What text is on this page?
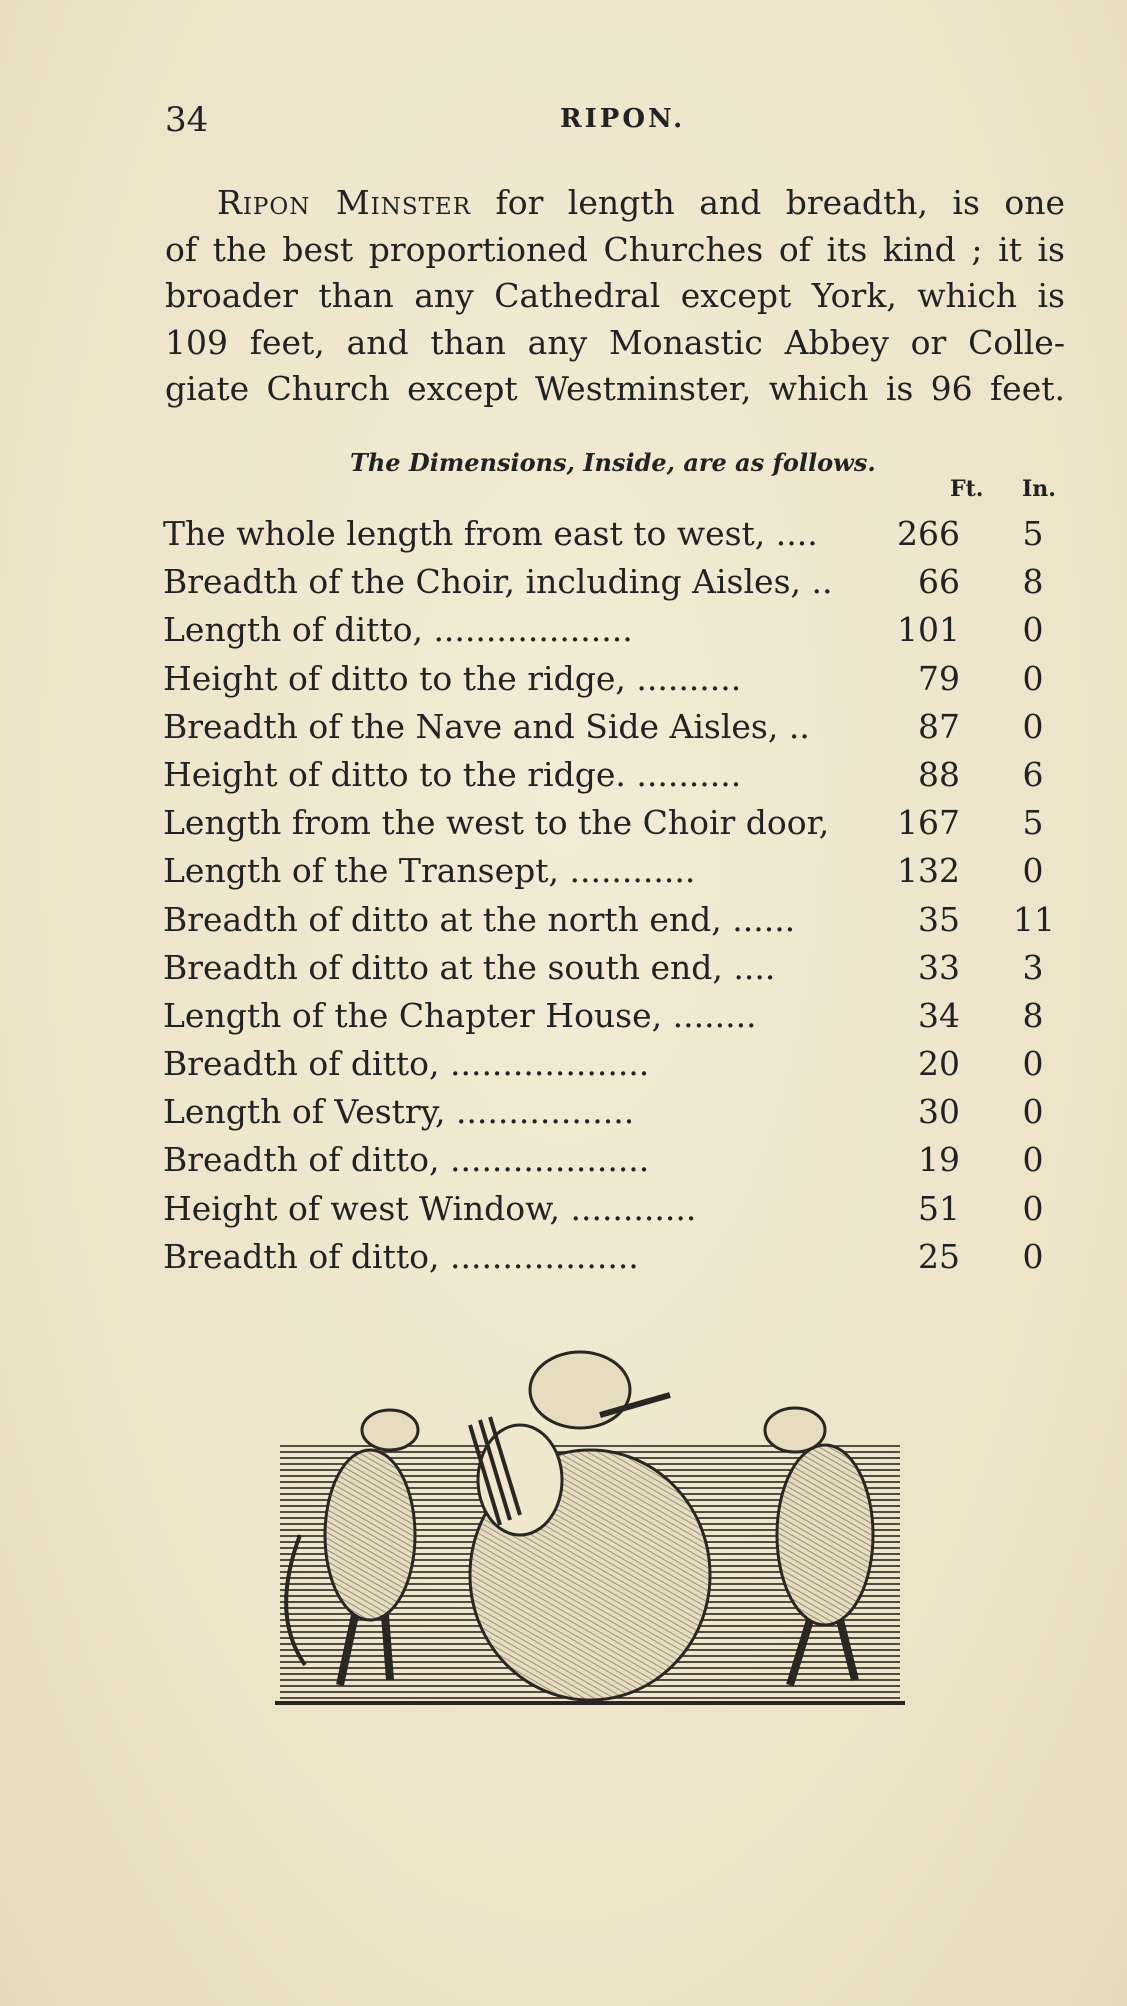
34	RIPON.
Ripon Minster for length and breadth, is one
of the best proportioned Churches of its kind ; it is
broader than any Cathedral except York, which is
109 feet, and than any Monastic Abbey or Colle-
giate Church except Westminster, which is 96 feet.
The Dimensions, Inside, are as follows.
Ft. In.
The whole length from east to west, .... 266 5
Breadth of the Choir, including Aisles, ..	66 8
Length of ditto, ...................	101 0
Height of ditto to the ridge, ..........	79 0
Breadth of the Nave and Side Aisles, ..	87 0
Height of ditto to the ridge. ..........	88 6
Length from the west to the Choir door, 167 5
Length of the Transept, ............	132 0
Breadth of ditto at the north end, ......	35 11
Breadth of ditto at the south end, ....	33 3
Length of the Chapter House, ........	34 8
Breadth of ditto, ...................	20 0
Length of Vestry, .................	30 0
Breadth of ditto, ...................	19 0
Height of west Window, ............	51 0
Breadth of ditto, ..................	25 0
